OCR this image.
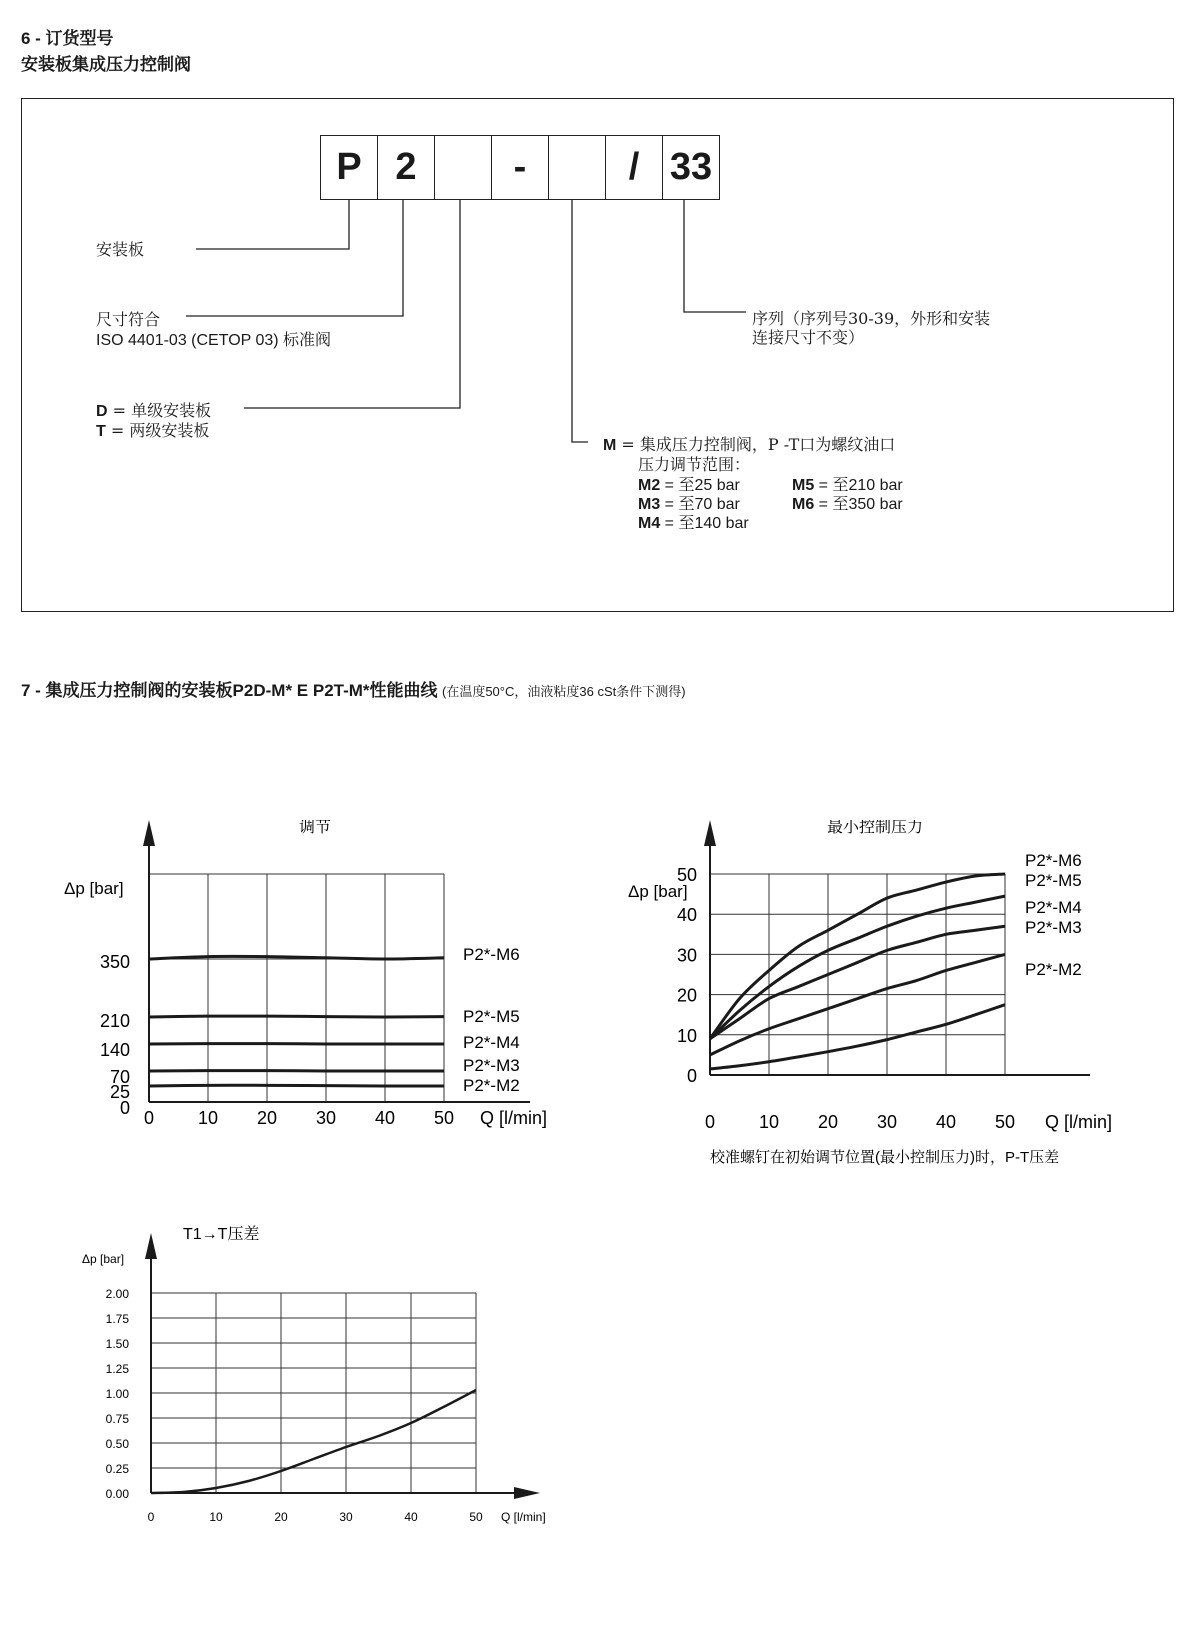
6 - 订货型号
安装板集成压力控制阀
P 2	-	/ 33
安装板
尺寸符合
ISO 4401-03 (CETOP 03) 标准阀
D = 单级安装板
T = 两级安装板
序列（序列号30-39，外形和安装
连接尺寸不变）
M = 集成压力控制阀，P -T口为螺纹油口
压力调节范围：
M2 = 至25 bar
M3 = 至70 bar
M4 = 至140 bar
M5 = 至210 bar
M6 = 至350 bar
7 - 集成压力控制阀的安装板P2D-M* E P2T-M*性能曲线 (在温度50°C，油液粘度36 cSt条件下测得)
调节
Δp [bar]
0 10 20 30 40 50 Q [l/min]
0
25
70
140
210
350	P2*-M6
P2*-M5
P2*-M4
P2*-M3
P2*-M2
最小控制压力
Δp [bar]
0 10 20 30 40 50 Q [l/min]
0
10
20
30
40
50
P2*-M6
P2*-M5
P2*-M4
P2*-M3
P2*-M2
校准螺钉在初始调节位置(最小控制压力)时，P-T压差
T1→T压差
Δp [bar]
0	10	20	30	40	50 Q [l/min]
0.00
0.25
0.50
0.75
1.00
1.25
1.50
1.75
2.00
